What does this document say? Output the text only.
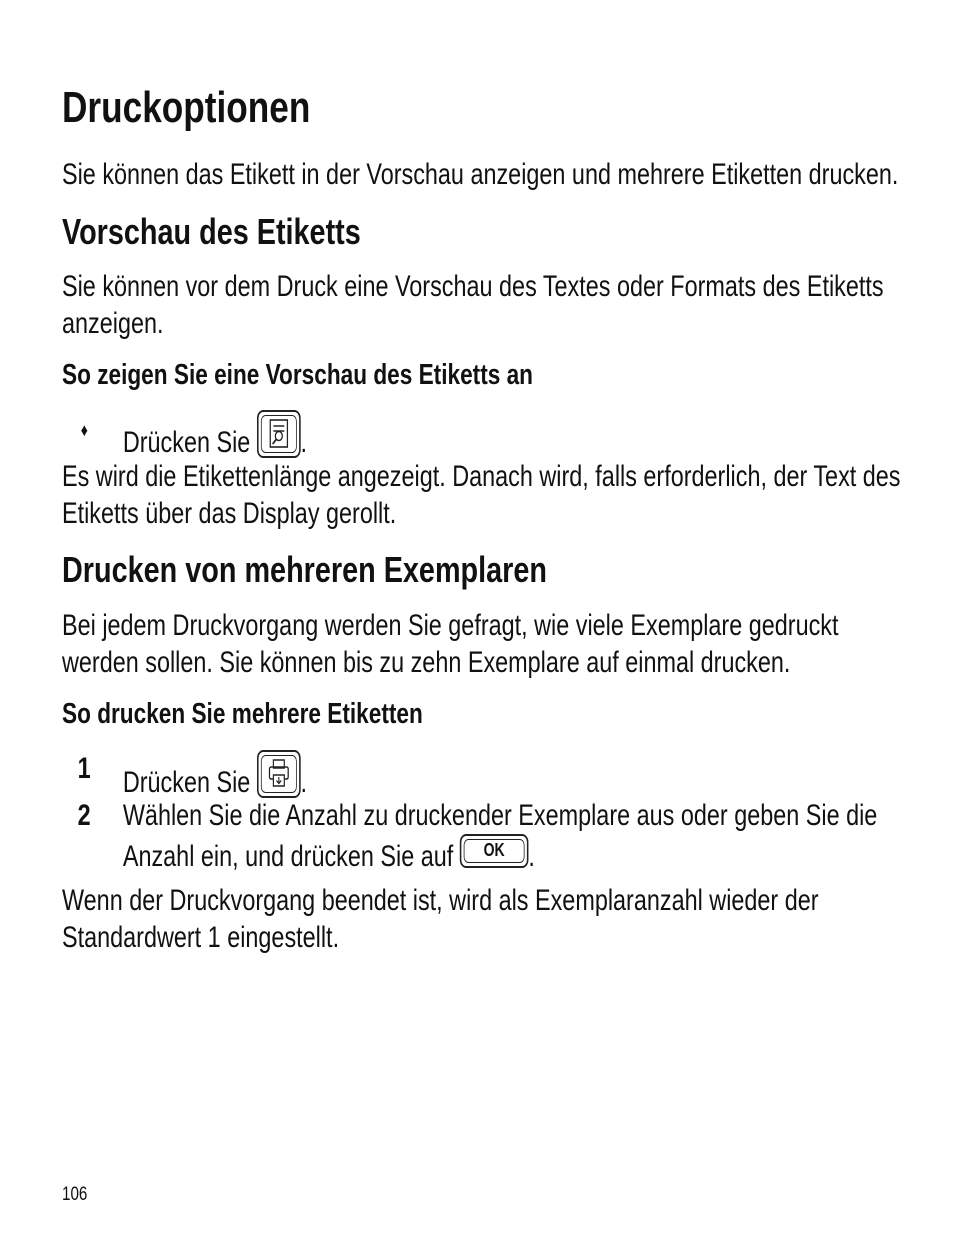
Druckoptionen

Sie können das Etikett in der Vorschau anzeigen und mehrere Etiketten drucken.

Vorschau des Etiketts

Sie können vor dem Druck eine Vorschau des Textes oder Formats des Etiketts anzeigen.

So zeigen Sie eine Vorschau des Etiketts an
♦ Drücken Sie .

Es wird die Etikettenlänge angezeigt. Danach wird, falls erforderlich, der Text des Etiketts über das Display gerollt.

Drucken von mehreren Exemplaren

Bei jedem Druckvorgang werden Sie gefragt, wie viele Exemplare gedruckt werden sollen. Sie können bis zu zehn Exemplare auf einmal drucken.

So drucken Sie mehrere Etiketten
1 Drücken Sie .
2 Wählen Sie die Anzahl zu druckender Exemplare aus oder geben Sie die Anzahl ein, und drücken Sie auf	OK .

Wenn der Druckvorgang beendet ist, wird als Exemplaranzahl wieder der Standardwert 1 eingestellt.

106
